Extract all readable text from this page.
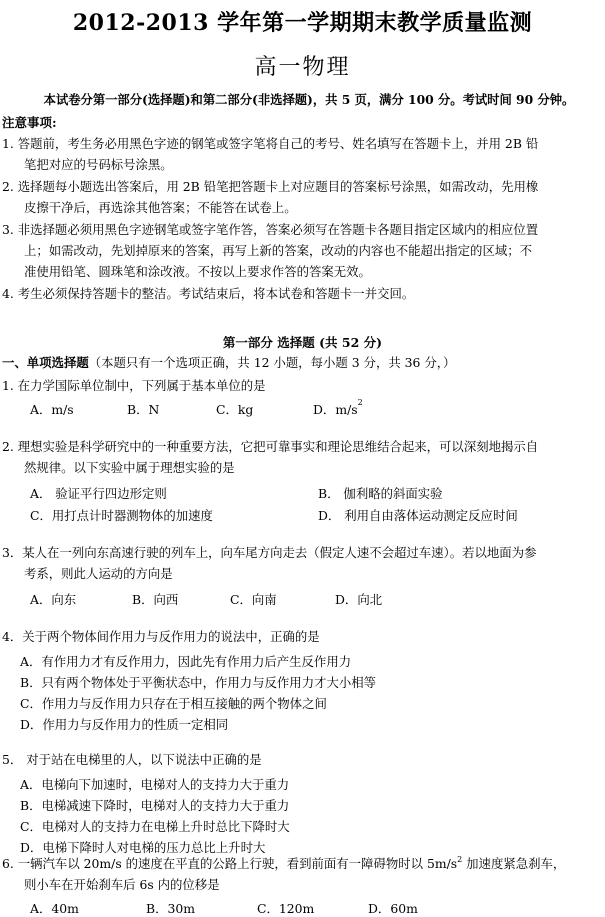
2012-2013 学年第一学期期末教学质量监测
高一物理
本试卷分第一部分(选择题)和第二部分(非选择题)，共 5 页，满分 100 分。考试时间 90 分钟。
注意事项:
1. 答题前，考生务必用黑色字迹的钢笔或签字笔将自己的考号、姓名填写在答题卡上，并用 2B 铅
笔把对应的号码标号涂黑。
2. 选择题每小题选出答案后，用 2B 铅笔把答题卡上对应题目的答案标号涂黑，如需改动，先用橡
皮擦干净后，再选涂其他答案；不能答在试卷上。
3. 非选择题必须用黑色字迹钢笔或签字笔作答，答案必须写在答题卡各题目指定区域内的相应位置
上；如需改动，先划掉原来的答案，再写上新的答案，改动的内容也不能超出指定的区域；不
准使用铅笔、圆珠笔和涂改液。不按以上要求作答的答案无效。
4. 考生必须保持答题卡的整洁。考试结束后，将本试卷和答题卡一并交回。
第一部分 选择题 (共 52 分)
一、单项选择题（本题只有一个选项正确，共 12 小题，每小题 3 分，共 36 分，）
1. 在力学国际单位制中，下列属于基本单位的是
A．m/s	B．N	C．kg	D．$m/s^2$
2. 理想实验是科学研究中的一种重要方法，它把可靠事实和理论思维结合起来，可以深刻地揭示自
然规律。以下实验中属于理想实验的是
A． 验证平行四边形定则	B． 伽利略的斜面实验
C．用打点计时器测物体的加速度	D． 利用自由落体运动测定反应时间
3．某人在一列向东高速行驶的列车上，向车尾方向走去（假定人速不会超过车速）。若以地面为参
考系，则此人运动的方向是
A．向东	B．向西	C．向南	D．向北
4．关于两个物体间作用力与反作用力的说法中，正确的是
A．有作用力才有反作用力，因此先有作用力后产生反作用力
B．只有两个物体处于平衡状态中，作用力与反作用力才大小相等
C．作用力与反作用力只存在于相互接触的两个物体之间
D．作用力与反作用力的性质一定相同
5． 对于站在电梯里的人，以下说法中正确的是
A．电梯向下加速时，电梯对人的支持力大于重力
B．电梯减速下降时，电梯对人的支持力大于重力
C．电梯对人的支持力在电梯上升时总比下降时大
D．电梯下降时人对电梯的压力总比上升时大
6. 一辆汽车以 20m/s 的速度在平直的公路上行驶，看到前面有一障碍物时以 $5m/s^2$ 加速度紧急刹车，
则小车在开始刹车后 6s 内的位移是
A．40m	B．30m	C．120m	D．60m
